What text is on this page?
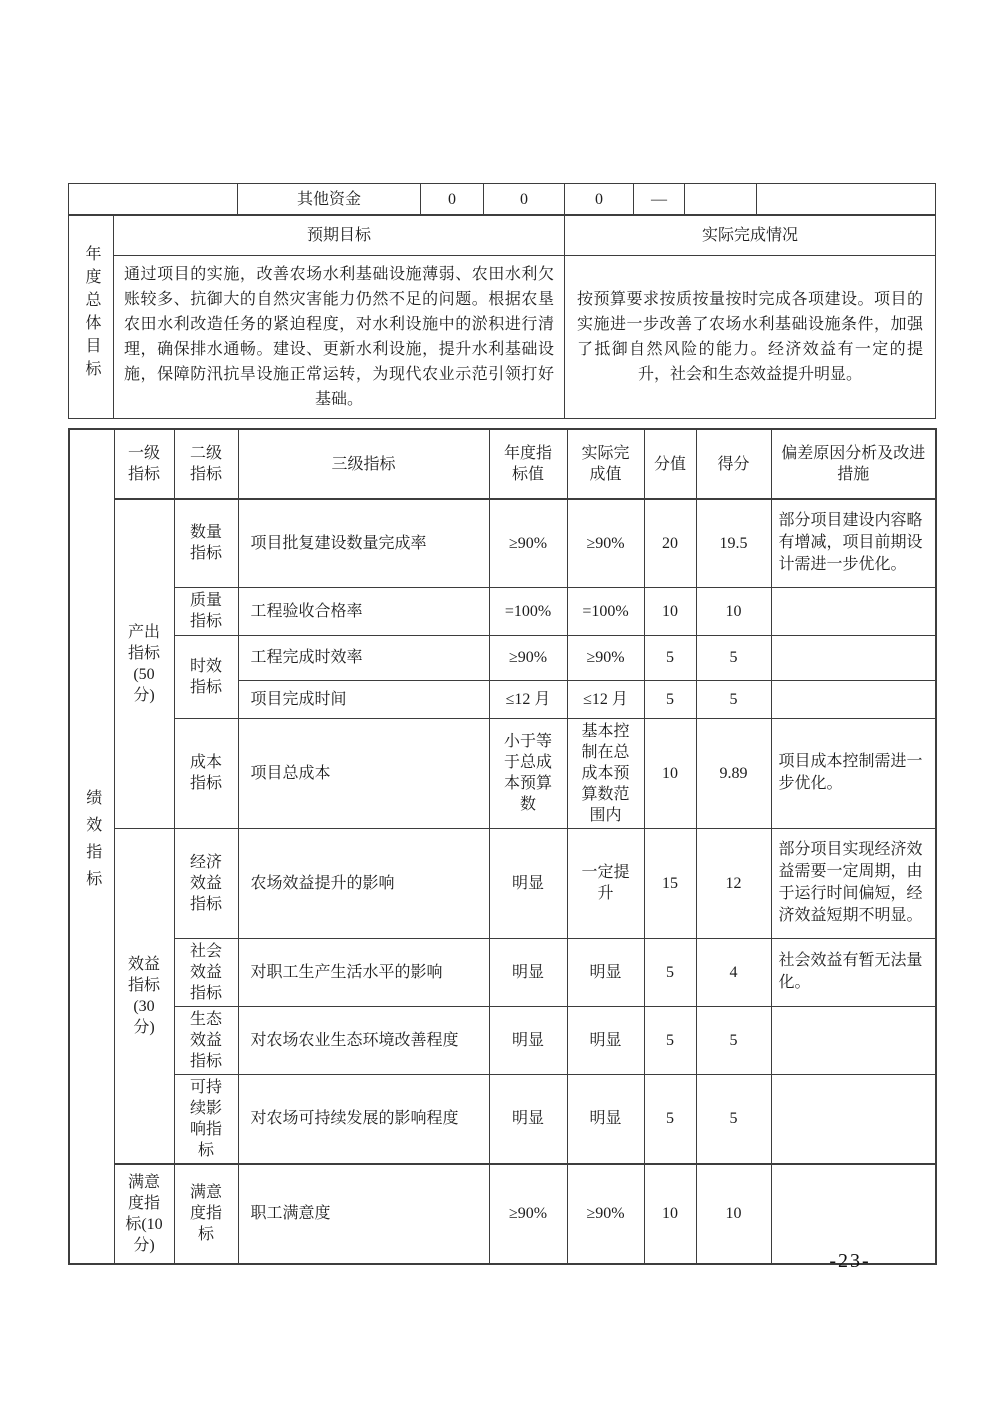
	其他资金	0	0	0	—		
年度总体目标	预期目标	实际完成情况
	通过项目的实施，改善农场水利基础设施薄弱、农田水利欠账较多、抗御大的自然灾害能力仍然不足的问题。根据农垦农田水利改造任务的紧迫程度，对水利设施中的淤积进行清理，确保排水通畅。建设、更新水利设施，提升水利基础设施，保障防汛抗旱设施正常运转，为现代农业示范引领打好基础。	按预算要求按质按量按时完成各项建设。项目的实施进一步改善了农场水利基础设施条件，加强了抵御自然风险的能力。经济效益有一定的提升，社会和生态效益提升明显。
绩效指标	一级指标	二级指标	三级指标	年度指标值	实际完成值	分值	得分	偏差原因分析及改进措施
	产出指标(50分)	数量指标	项目批复建设数量完成率	≥90%	≥90%	20	19.5	部分项目建设内容略有增减，项目前期设计需进一步优化。
		质量指标	工程验收合格率	=100%	=100%	10	10	
		时效指标	工程完成时效率	≥90%	≥90%	5	5	
			项目完成时间	≤12 月	≤12 月	5	5	
		成本指标	项目总成本	小于等于总成本预算数	基本控制在总成本预算数范围内	10	9.89	项目成本控制需进一步优化。
	效益指标(30分)	经济效益指标	农场效益提升的影响	明显	一定提升	15	12	部分项目实现经济效益需要一定周期，由于运行时间偏短，经济效益短期不明显。
		社会效益指标	对职工生产生活水平的影响	明显	明显	5	4	社会效益有暂无法量化。
		生态效益指标	对农场农业生态环境改善程度	明显	明显	5	5	
		可持续影响指标	对农场可持续发展的影响程度	明显	明显	5	5	
	满意度指标(10分)	满意度指标	职工满意度	≥90%	≥90%	10	10	
-23-
